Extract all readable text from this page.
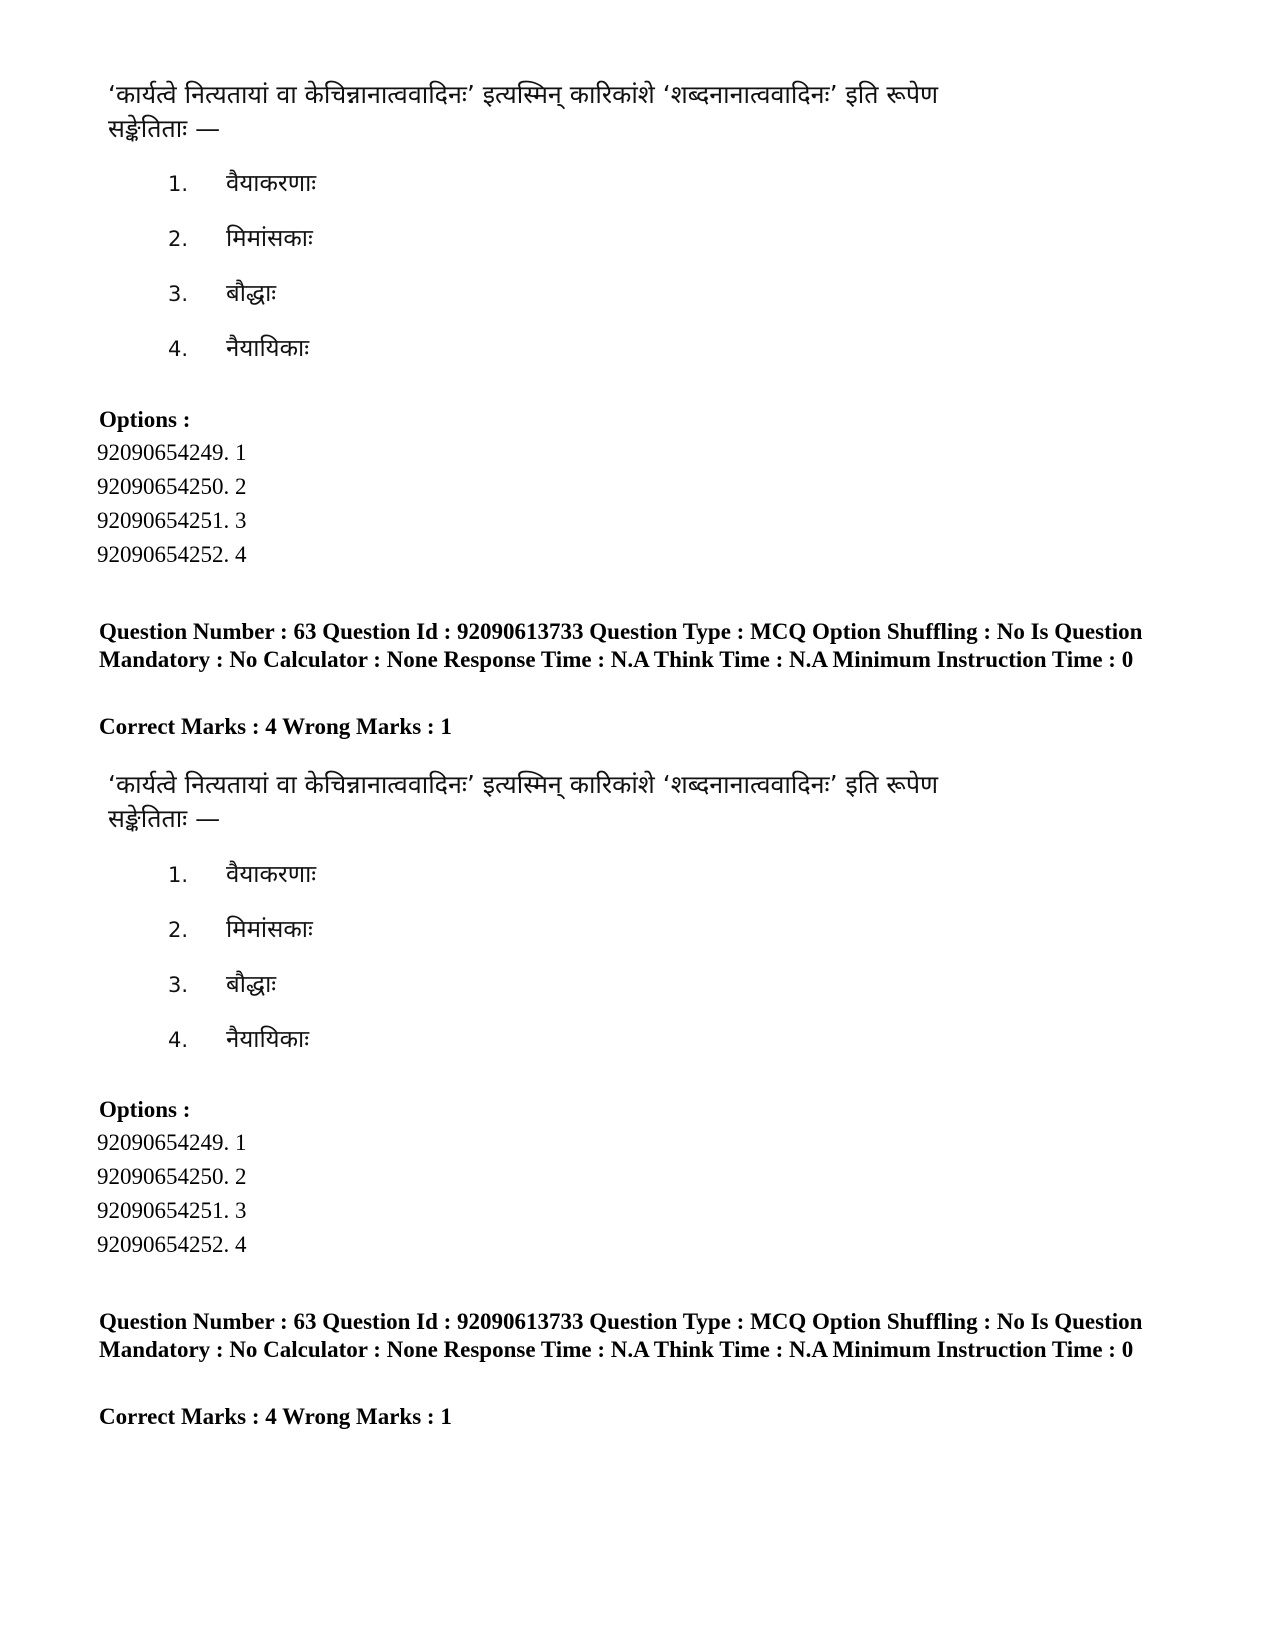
‘कार्यत्वे नित्यतायां वा केचिन्नानात्ववादिनः’ इत्यस्मिन् कारिकांशे ‘शब्दनानात्ववादिनः’ इति रूपेण सङ्केतिताः —

1. वैयाकरणाः
2. मिमांसकाः
3. बौद्धाः
4. नैयायिकाः

Options :

92090654249. 1
92090654250. 2
92090654251. 3
92090654252. 4

Question Number : 63 Question Id : 92090613733 Question Type : MCQ Option Shuffling : No Is Question Mandatory : No Calculator : None Response Time : N.A Think Time : N.A Minimum Instruction Time : 0

Correct Marks : 4 Wrong Marks : 1

‘कार्यत्वे नित्यतायां वा केचिन्नानात्ववादिनः’ इत्यस्मिन् कारिकांशे ‘शब्दनानात्ववादिनः’ इति रूपेण सङ्केतिताः —

1. वैयाकरणाः
2. मिमांसकाः
3. बौद्धाः
4. नैयायिकाः

Options :

92090654249. 1
92090654250. 2
92090654251. 3
92090654252. 4

Question Number : 63 Question Id : 92090613733 Question Type : MCQ Option Shuffling : No Is Question Mandatory : No Calculator : None Response Time : N.A Think Time : N.A Minimum Instruction Time : 0

Correct Marks : 4 Wrong Marks : 1
